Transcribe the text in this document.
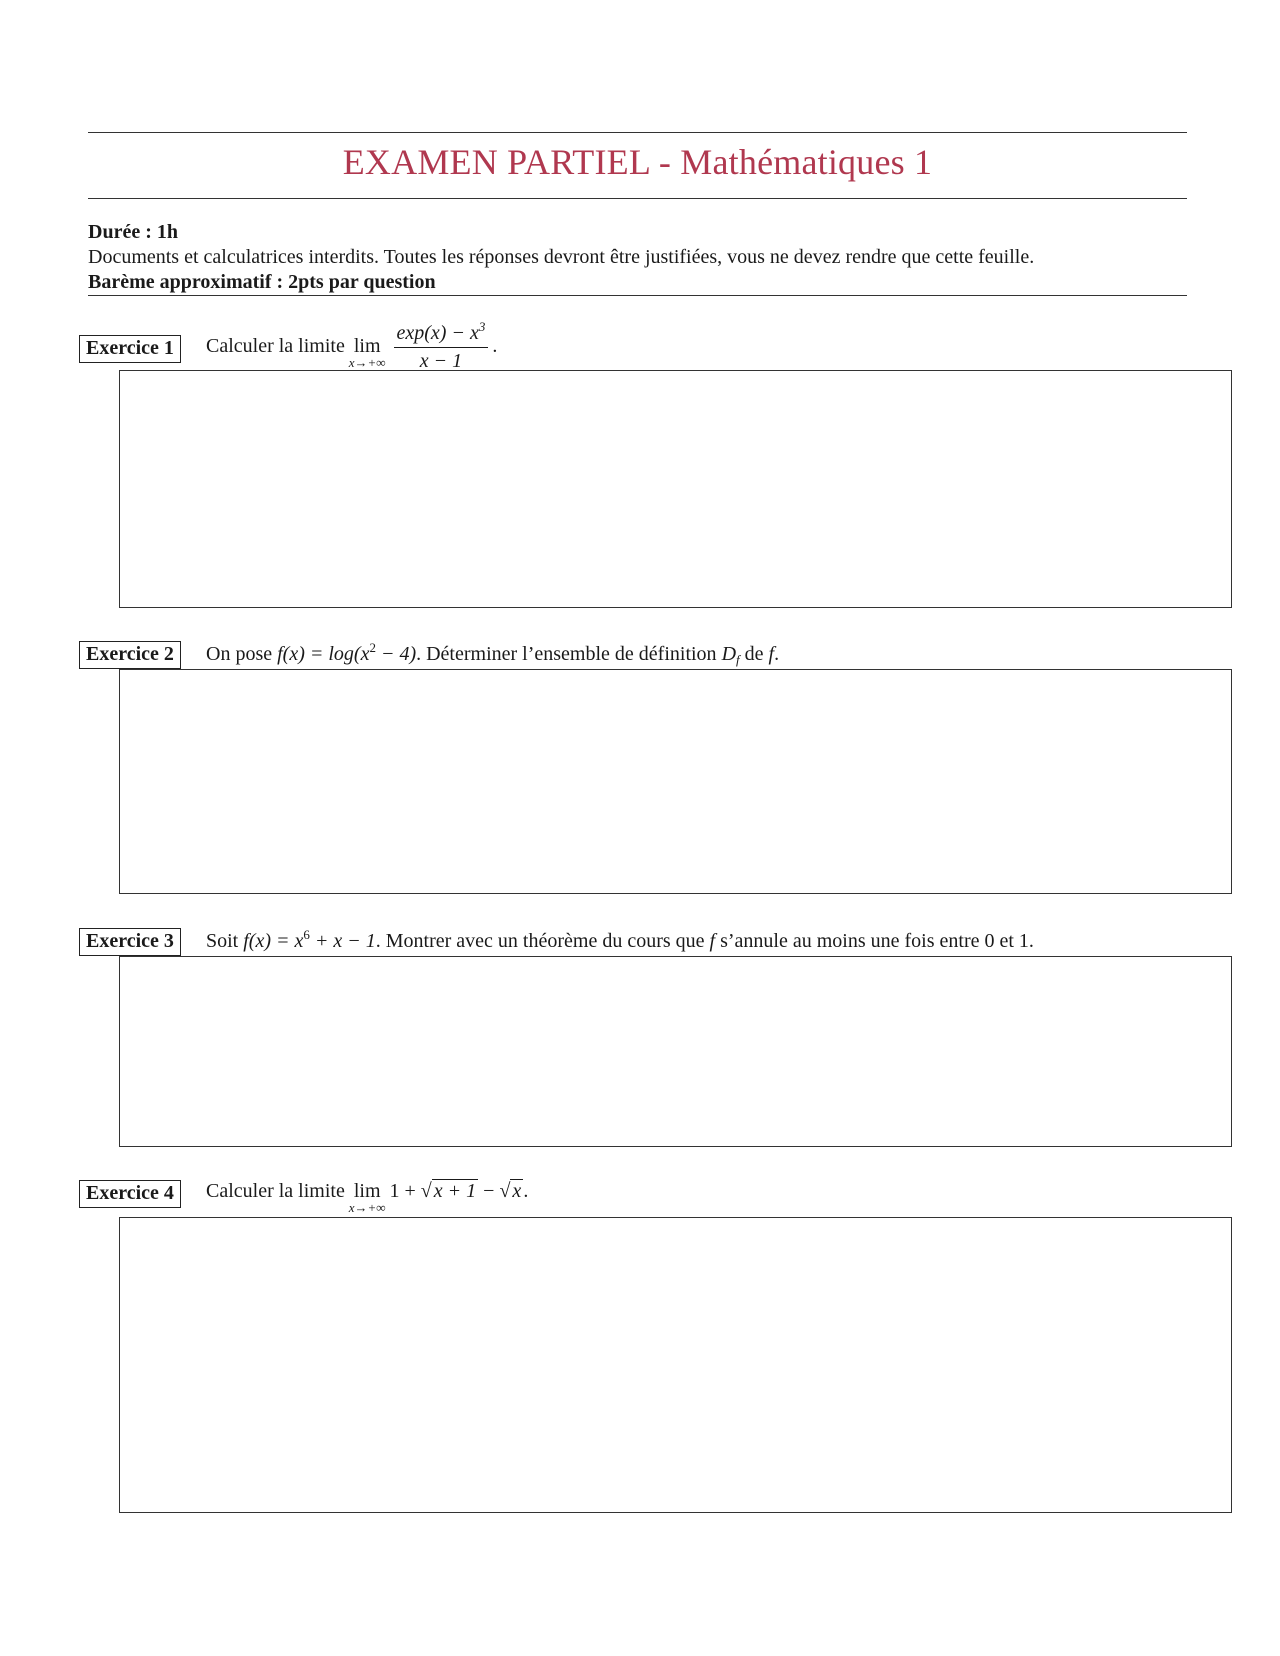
EXAMEN PARTIEL - Mathématiques 1
Durée : 1h
Documents et calculatrices interdits. Toutes les réponses devront être justifiées, vous ne devez rendre que cette feuille.
Barème approximatif : 2pts par question
Exercice 1	Calculer la limite lim
x→+∞
$\frac{\exp(x) - x^3}{x - 1}$ .
Exercice 2	On pose $f(x) = \log(x^2 - 4)$. Déterminer l’ensemble de définition $D_f$ de f.
Exercice 3	Soit $f(x) = x^6 + x - 1$. Montrer avec un théorème du cours que f s’annule au moins une fois entre 0 et 1.
Exercice 4	Calculer la limite lim
x→+∞
1 + √ x + 1 − √ x .
